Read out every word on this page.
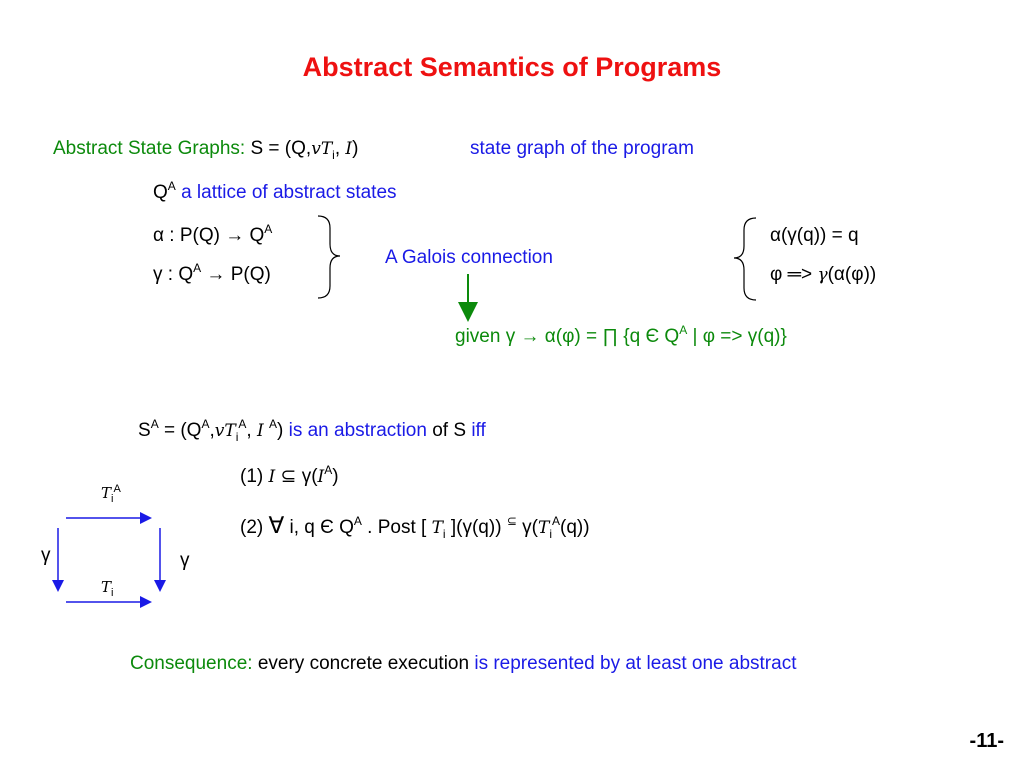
Abstract Semantics of Programs
Abstract State Graphs: $S = (Q,vT_i$, I)	state graph of the program
$Q^A$ a lattice of abstract states
α : $P(Q) \to Q^A$
γ : $Q^A \to P(Q)$
A Galois connection
α(γ(q)) = q
φ ═> γ(α(φ))
given γ → α(φ) = ∏ {q Є $Q^A$ | φ => γ(q)}
$S^A = (Q^A,vT_i^A$, I $^A$) is an abstraction of S iff
(1) I ⊆ $\gamma(I^A)$
(2) ∀ i, q Є $Q^A$ . Post [ $T_i$ ](γ(q)) ⊆ $\gamma(T_i^A(q))$
$T_i^A$
γ	γ
$T_i$
Consequence: every concrete execution is represented by at least one abstract
-11-
